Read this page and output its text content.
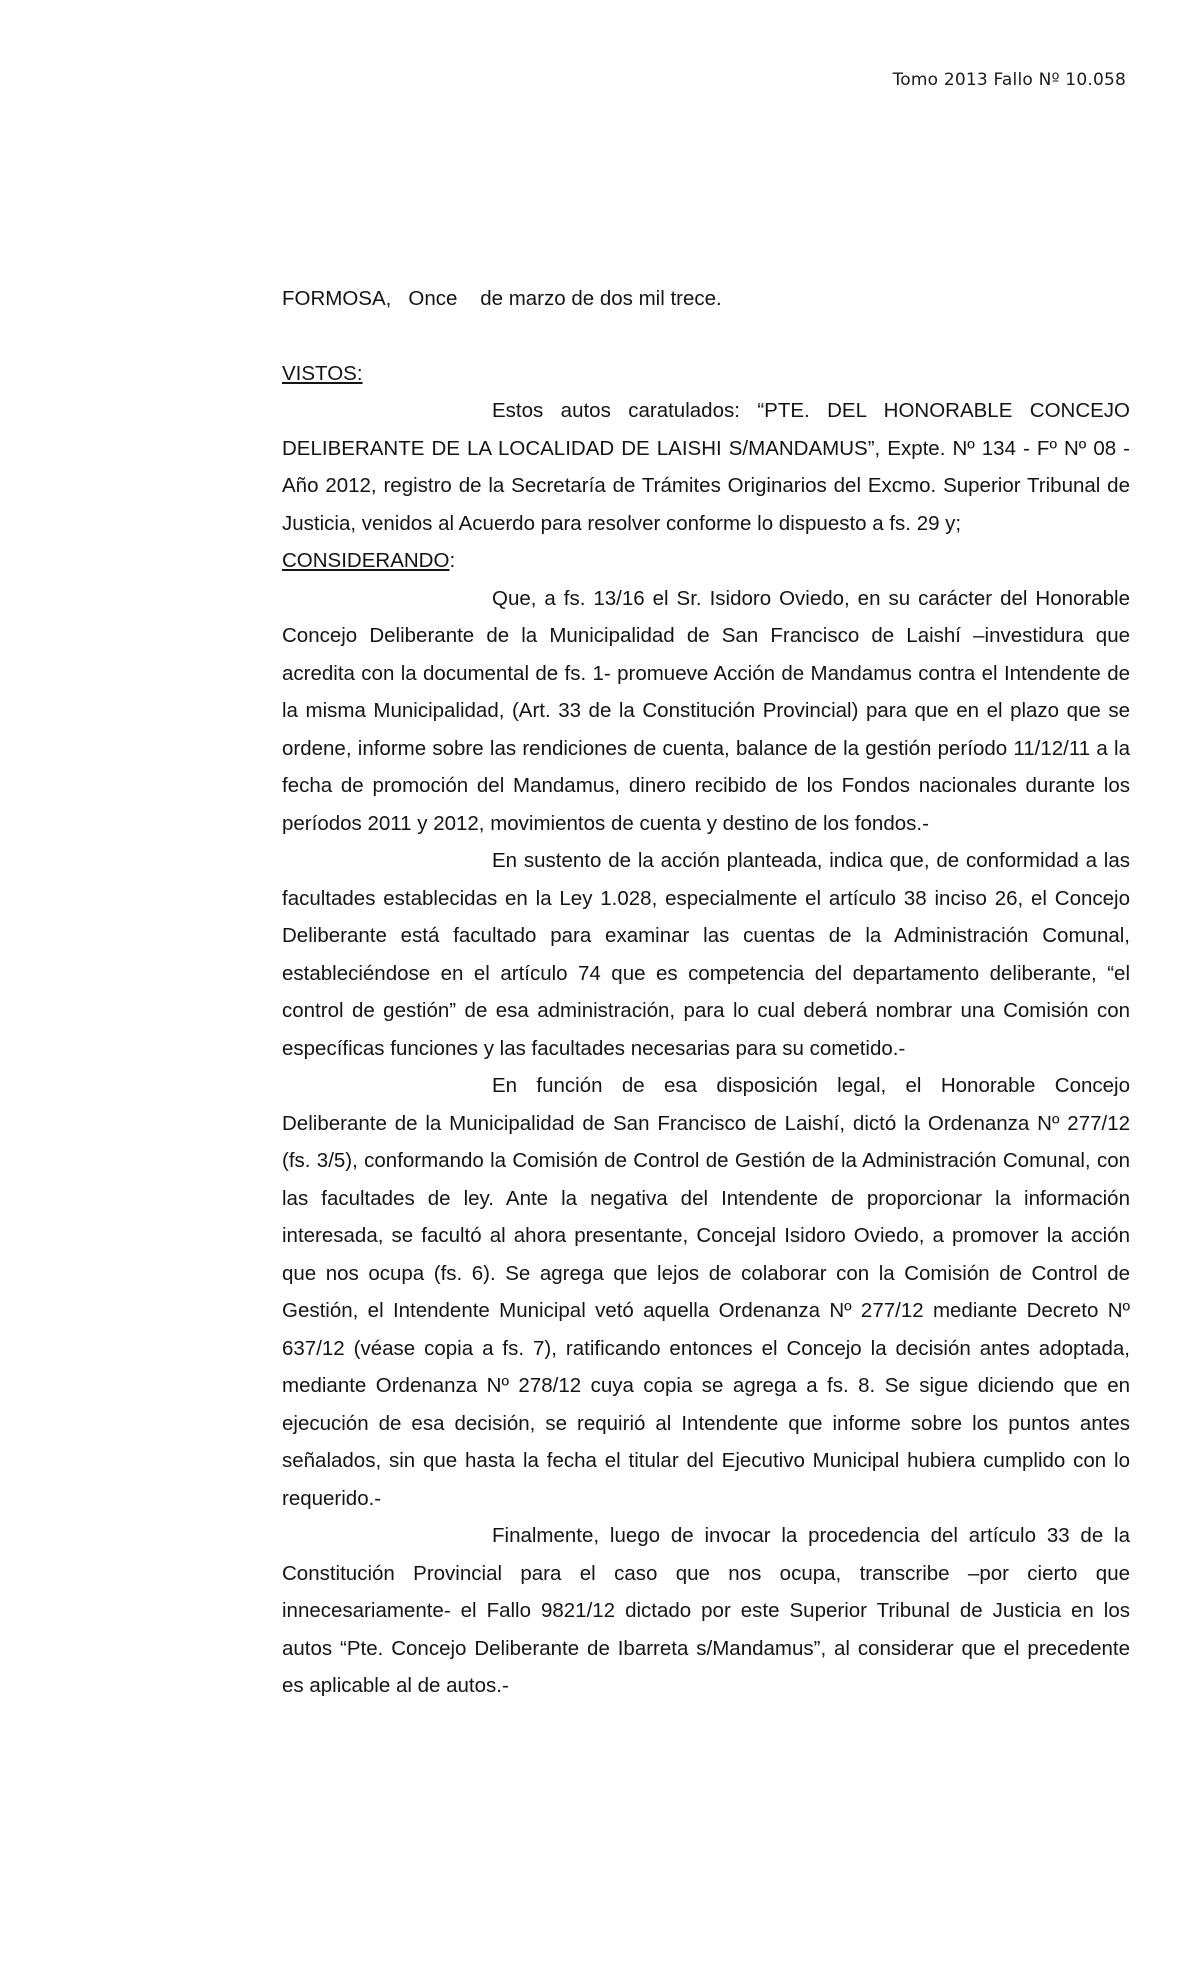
Tomo 2013 Fallo Nº 10.058

FORMOSA,   Once    de marzo de dos mil trece.

VISTOS:

Estos autos caratulados: “PTE. DEL HONORABLE CONCEJO DELIBERANTE DE LA LOCALIDAD DE LAISHI S/MANDAMUS”, Expte. Nº 134 - Fº Nº 08 - Año 2012, registro de la Secretaría de Trámites Originarios del Excmo. Superior Tribunal de Justicia, venidos al Acuerdo para resolver conforme lo dispuesto a fs. 29 y;

CONSIDERANDO:

Que, a fs. 13/16 el Sr. Isidoro Oviedo, en su carácter del Honorable Concejo Deliberante de la Municipalidad de San Francisco de Laishí –investidura que acredita con la documental de fs. 1- promueve Acción de Mandamus contra el Intendente de la misma Municipalidad, (Art. 33 de la Constitución Provincial) para que en el plazo que se ordene, informe sobre las rendiciones de cuenta, balance de la gestión período 11/12/11 a la fecha de promoción del Mandamus, dinero recibido de los Fondos nacionales durante los períodos 2011 y 2012, movimientos de cuenta y destino de los fondos.-

En sustento de la acción planteada, indica que, de conformidad a las facultades establecidas en la Ley 1.028, especialmente el artículo 38 inciso 26, el Concejo Deliberante está facultado para examinar las cuentas de la Administración Comunal, estableciéndose en el artículo 74 que es competencia del departamento deliberante, “el control de gestión” de esa administración, para lo cual deberá nombrar una Comisión con específicas funciones y las facultades necesarias para su cometido.-

En función de esa disposición legal, el Honorable Concejo Deliberante de la Municipalidad de San Francisco de Laishí, dictó la Ordenanza Nº 277/12 (fs. 3/5), conformando la Comisión de Control de Gestión de la Administración Comunal, con las facultades de ley. Ante la negativa del Intendente de proporcionar la información interesada, se facultó al ahora presentante, Concejal Isidoro Oviedo, a promover la acción que nos ocupa (fs. 6). Se agrega que lejos de colaborar con la Comisión de Control de Gestión, el Intendente Municipal vetó aquella Ordenanza Nº 277/12 mediante Decreto Nº 637/12 (véase copia a fs. 7), ratificando entonces el Concejo la decisión antes adoptada, mediante Ordenanza Nº 278/12 cuya copia se agrega a fs. 8. Se sigue diciendo que en ejecución de esa decisión, se requirió al Intendente que informe sobre los puntos antes señalados, sin que hasta la fecha el titular del Ejecutivo Municipal hubiera cumplido con lo requerido.-

Finalmente, luego de invocar la procedencia del artículo 33 de la Constitución Provincial para el caso que nos ocupa, transcribe –por cierto que innecesariamente- el Fallo 9821/12 dictado por este Superior Tribunal de Justicia en los autos “Pte. Concejo Deliberante de Ibarreta s/Mandamus”, al considerar que el precedente es aplicable al de autos.-
